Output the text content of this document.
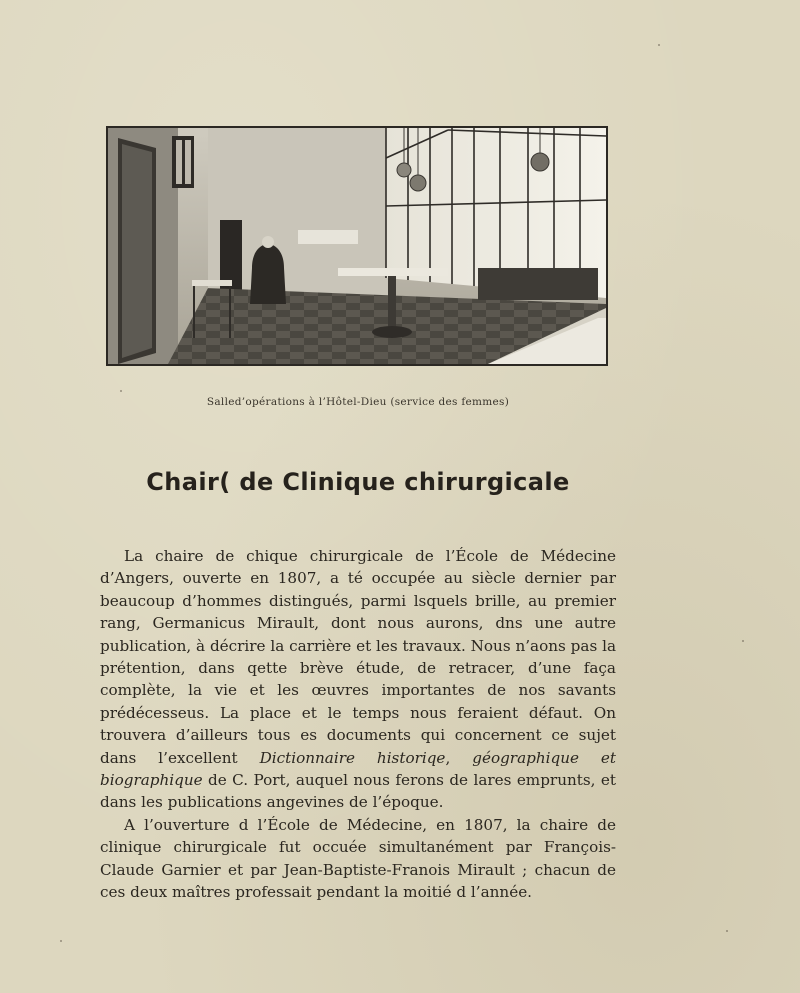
Salled’opérations à l’Hôtel-Dieu (service des femmes)
Chair( de Clinique chirurgicale

La chaire de chique chirurgicale de l’École de Médecine d’Angers, ouverte en 1807, a té occupée au siècle dernier par beaucoup d’hommes distingués, parmi lsquels brille, au premier rang, Germanicus Mirault, dont nous aurons, dns une autre publication, à décrire la carrière et les travaux. Nous n’aons pas la prétention, dans qette brève étude, de retracer, d’une faça complète, la vie et les œuvres importantes de nos savants prédécesseus. La place et le temps nous feraient défaut. On trouvera d’ailleurs tous es documents qui concernent ce sujet dans l’excellent Dictionnaire historiqe, géographique et biographique de C. Port, auquel nous ferons de lares emprunts, et dans les publications angevines de l’époque.

A l’ouverture d l’École de Médecine, en 1807, la chaire de clinique chirurgicale fut occuée simultanément par François-Claude Garnier et par Jean-Baptiste-Franois Mirault ; chacun de ces deux maîtres professait pendant la moitié d l’année.
